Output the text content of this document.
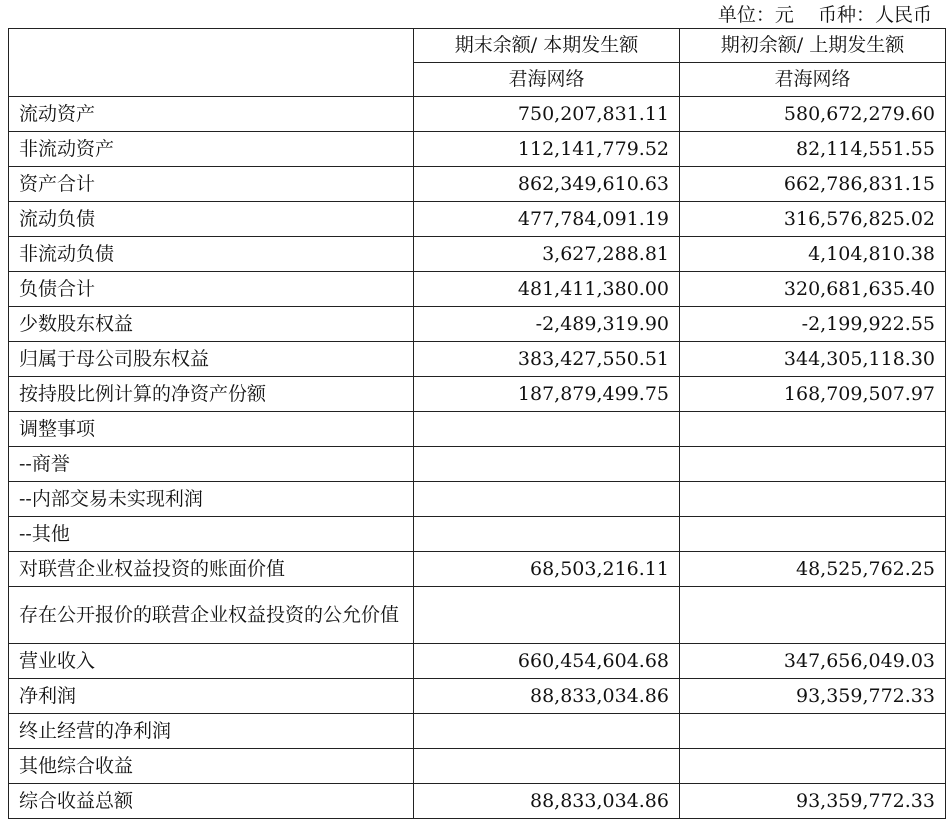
单位：元    币种：人民币
	期末余额/ 本期发生额	期初余额/ 上期发生额
	君海网络	君海网络
流动资产	750,207,831.11	580,672,279.60
非流动资产	112,141,779.52	82,114,551.55
资产合计	862,349,610.63	662,786,831.15
流动负债	477,784,091.19	316,576,825.02
非流动负债	3,627,288.81	4,104,810.38
负债合计	481,411,380.00	320,681,635.40
少数股东权益	-2,489,319.90	-2,199,922.55
归属于母公司股东权益	383,427,550.51	344,305,118.30
按持股比例计算的净资产份额	187,879,499.75	168,709,507.97
调整事项		
--商誉		
--内部交易未实现利润		
--其他		
对联营企业权益投资的账面价值	68,503,216.11	48,525,762.25
存在公开报价的联营企业权益投资的公允价值		
营业收入	660,454,604.68	347,656,049.03
净利润	88,833,034.86	93,359,772.33
终止经营的净利润		
其他综合收益		
综合收益总额	88,833,034.86	93,359,772.33
